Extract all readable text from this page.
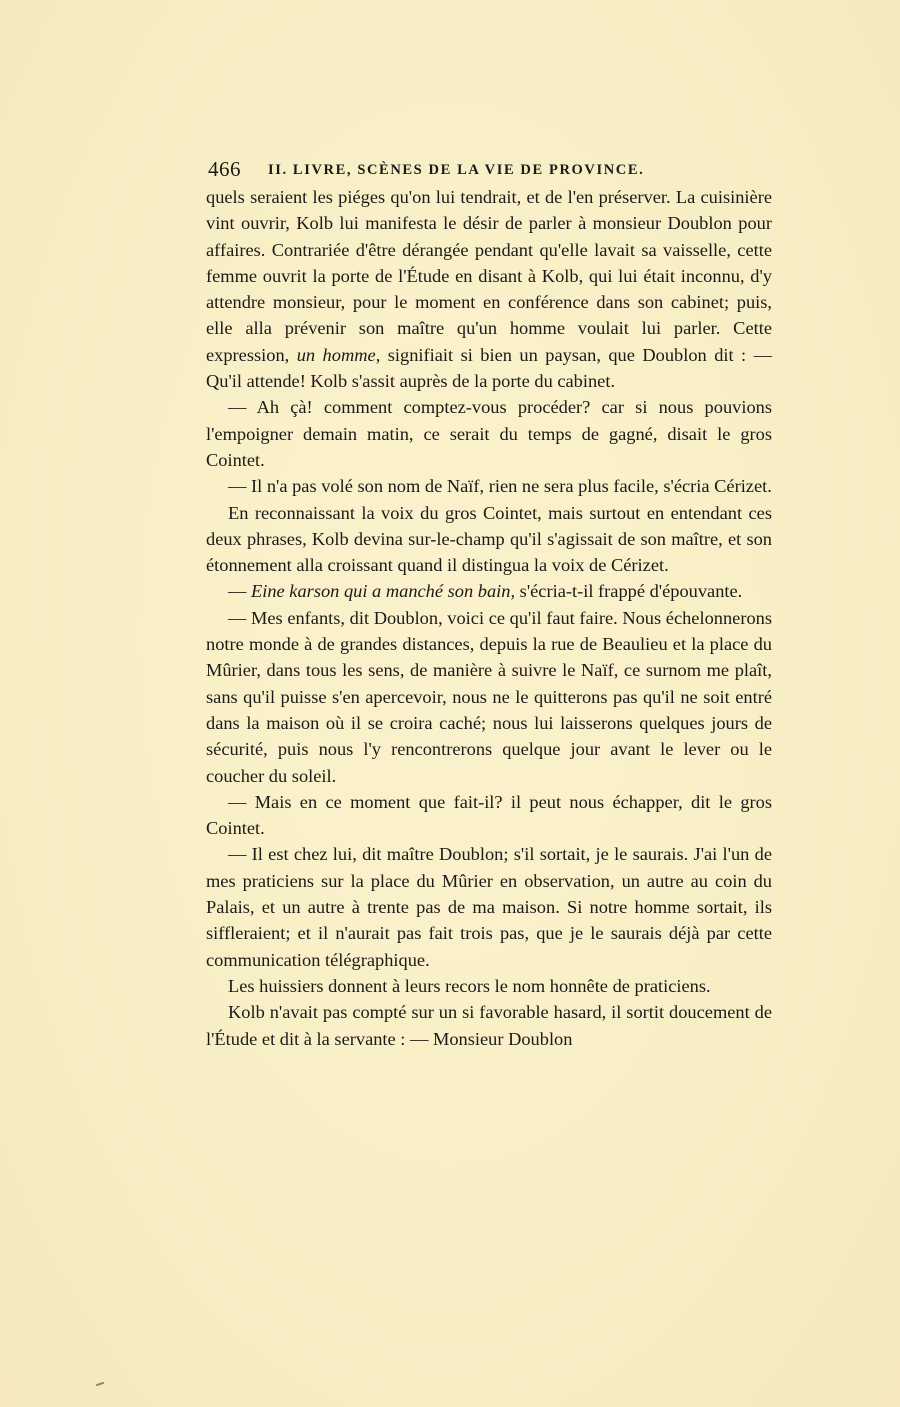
466 II. LIVRE, SCÈNES DE LA VIE DE PROVINCE.

quels seraient les piéges qu'on lui tendrait, et de l'en préserver. La cuisinière vint ouvrir, Kolb lui manifesta le désir de parler à monsieur Doublon pour affaires. Contrariée d'être dérangée pendant qu'elle lavait sa vaisselle, cette femme ouvrit la porte de l'Étude en disant à Kolb, qui lui était inconnu, d'y attendre monsieur, pour le moment en conférence dans son cabinet; puis, elle alla prévenir son maître qu'un homme voulait lui parler. Cette expression, un homme, signifiait si bien un paysan, que Doublon dit : — Qu'il attende! Kolb s'assit auprès de la porte du cabinet.

— Ah çà! comment comptez-vous procéder? car si nous pouvions l'empoigner demain matin, ce serait du temps de gagné, disait le gros Cointet.

— Il n'a pas volé son nom de Naïf, rien ne sera plus facile, s'écria Cérizet.

En reconnaissant la voix du gros Cointet, mais surtout en entendant ces deux phrases, Kolb devina sur-le-champ qu'il s'agissait de son maître, et son étonnement alla croissant quand il distingua la voix de Cérizet.

— Eine karson qui a manché son bain, s'écria-t-il frappé d'épouvante.

— Mes enfants, dit Doublon, voici ce qu'il faut faire. Nous échelonnerons notre monde à de grandes distances, depuis la rue de Beaulieu et la place du Mûrier, dans tous les sens, de manière à suivre le Naïf, ce surnom me plaît, sans qu'il puisse s'en apercevoir, nous ne le quitterons pas qu'il ne soit entré dans la maison où il se croira caché; nous lui laisserons quelques jours de sécurité, puis nous l'y rencontrerons quelque jour avant le lever ou le coucher du soleil.

— Mais en ce moment que fait-il? il peut nous échapper, dit le gros Cointet.

— Il est chez lui, dit maître Doublon; s'il sortait, je le saurais. J'ai l'un de mes praticiens sur la place du Mûrier en observation, un autre au coin du Palais, et un autre à trente pas de ma maison. Si notre homme sortait, ils siffleraient; et il n'aurait pas fait trois pas, que je le saurais déjà par cette communication télégraphique.

Les huissiers donnent à leurs recors le nom honnête de praticiens.

Kolb n'avait pas compté sur un si favorable hasard, il sortit doucement de l'Étude et dit à la servante : — Monsieur Doublon
